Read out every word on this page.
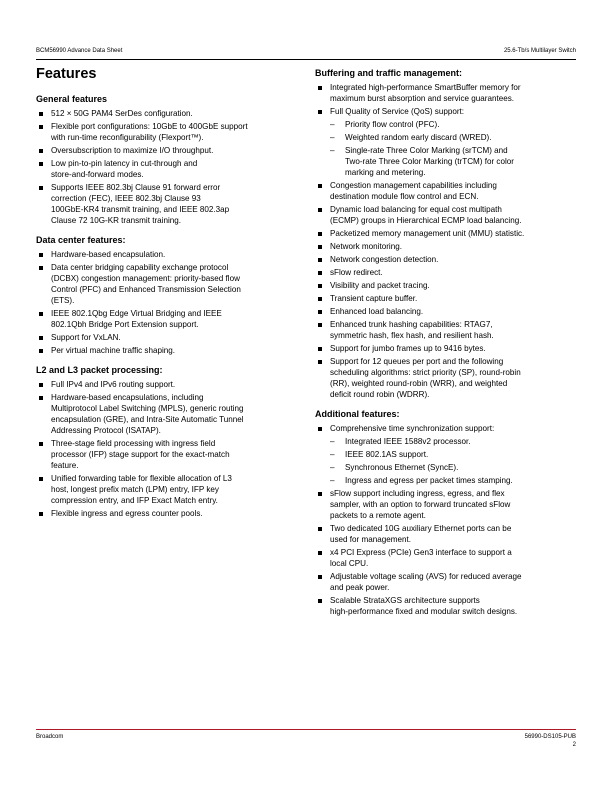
BCM56990 Advance Data Sheet	25.6-Tb/s Multilayer Switch
Features
General features
512 × 50G PAM4 SerDes configuration.
Flexible port configurations: 10GbE to 400GbE support
with run-time reconfigurability (Flexport™).
Oversubscription to maximize I/O throughput.
Low pin-to-pin latency in cut-through and
store-and-forward modes.
Supports IEEE 802.3bj Clause 91 forward error
correction (FEC), IEEE 802.3bj Clause 93
100GbE-KR4 transmit training, and IEEE 802.3ap
Clause 72 10G-KR transmit training.
Data center features:
Hardware-based encapsulation.
Data center bridging capability exchange protocol
(DCBX) congestion management: priority-based flow
Control (PFC) and Enhanced Transmission Selection
(ETS).
IEEE 802.1Qbg Edge Virtual Bridging and IEEE
802.1Qbh Bridge Port Extension support.
Support for VxLAN.
Per virtual machine traffic shaping.
L2 and L3 packet processing:
Full IPv4 and IPv6 routing support.
Hardware-based encapsulations, including
Multiprotocol Label Switching (MPLS), generic routing
encapsulation (GRE), and Intra-Site Automatic Tunnel
Addressing Protocol (ISATAP).
Three-stage field processing with ingress field
processor (IFP) stage support for the exact-match
feature.
Unified forwarding table for flexible allocation of L3
host, longest prefix match (LPM) entry, IFP key
compression entry, and IFP Exact Match entry.
Flexible ingress and egress counter pools.
Buffering and traffic management:
Integrated high-performance SmartBuffer memory for
maximum burst absorption and service guarantees.
Full Quality of Service (QoS) support:
– Priority flow control (PFC).
– Weighted random early discard (WRED).
– Single-rate Three Color Marking (srTCM) and
Two-rate Three Color Marking (trTCM) for color
marking and metering.
Congestion management capabilities including
destination module flow control and ECN.
Dynamic load balancing for equal cost multipath
(ECMP) groups in Hierarchical ECMP load balancing.
Packetized memory management unit (MMU) statistic.
Network monitoring.
Network congestion detection.
sFlow redirect.
Visibility and packet tracing.
Transient capture buffer.
Enhanced load balancing.
Enhanced trunk hashing capabilities: RTAG7,
symmetric hash, flex hash, and resilient hash.
Support for jumbo frames up to 9416 bytes.
Support for 12 queues per port and the following
scheduling algorithms: strict priority (SP), round-robin
(RR), weighted round-robin (WRR), and weighted
deficit round robin (WDRR).
Additional features:
Comprehensive time synchronization support:
– Integrated IEEE 1588v2 processor.
– IEEE 802.1AS support.
– Synchronous Ethernet (SyncE).
– Ingress and egress per packet times stamping.
sFlow support including ingress, egress, and flex
sampler, with an option to forward truncated sFlow
packets to a remote agent.
Two dedicated 10G auxiliary Ethernet ports can be
used for management.
x4 PCI Express (PCIe) Gen3 interface to support a
local CPU.
Adjustable voltage scaling (AVS) for reduced average
and peak power.
Scalable StrataXGS architecture supports
high-performance fixed and modular switch designs.
Broadcom	56990-DS105-PUB
2
